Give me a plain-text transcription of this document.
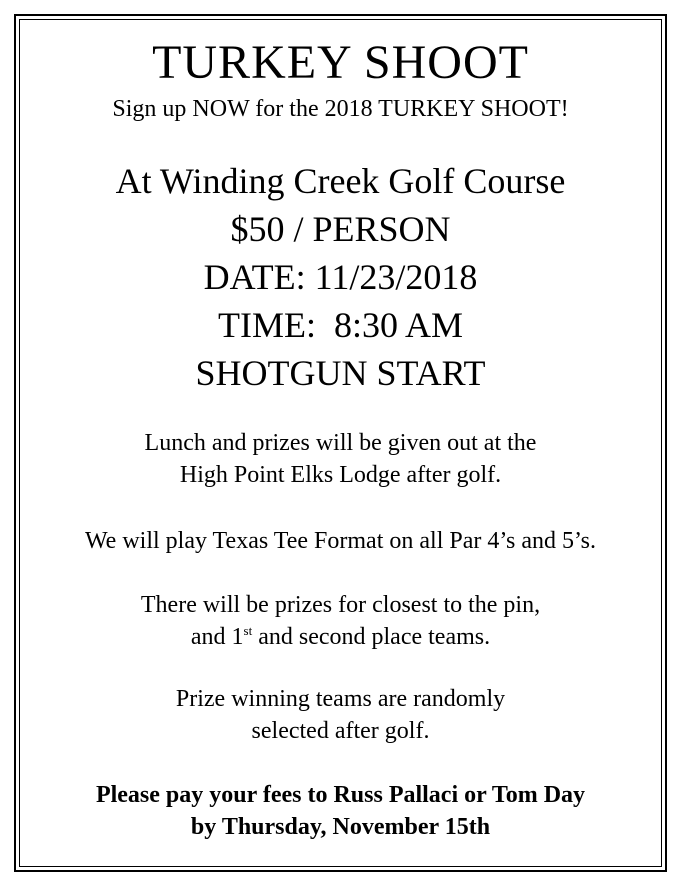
TURKEY SHOOT
Sign up NOW for the 2018 TURKEY SHOOT!
At Winding Creek Golf Course
$50 / PERSON
DATE: 11/23/2018
TIME:  8:30 AM
SHOTGUN START
Lunch and prizes will be given out at the
High Point Elks Lodge after golf.
We will play Texas Tee Format on all Par 4’s and 5’s.
There will be prizes for closest to the pin,
and 1st and second place teams.
Prize winning teams are randomly
selected after golf.
Please pay your fees to Russ Pallaci or Tom Day
by Thursday, November 15th
